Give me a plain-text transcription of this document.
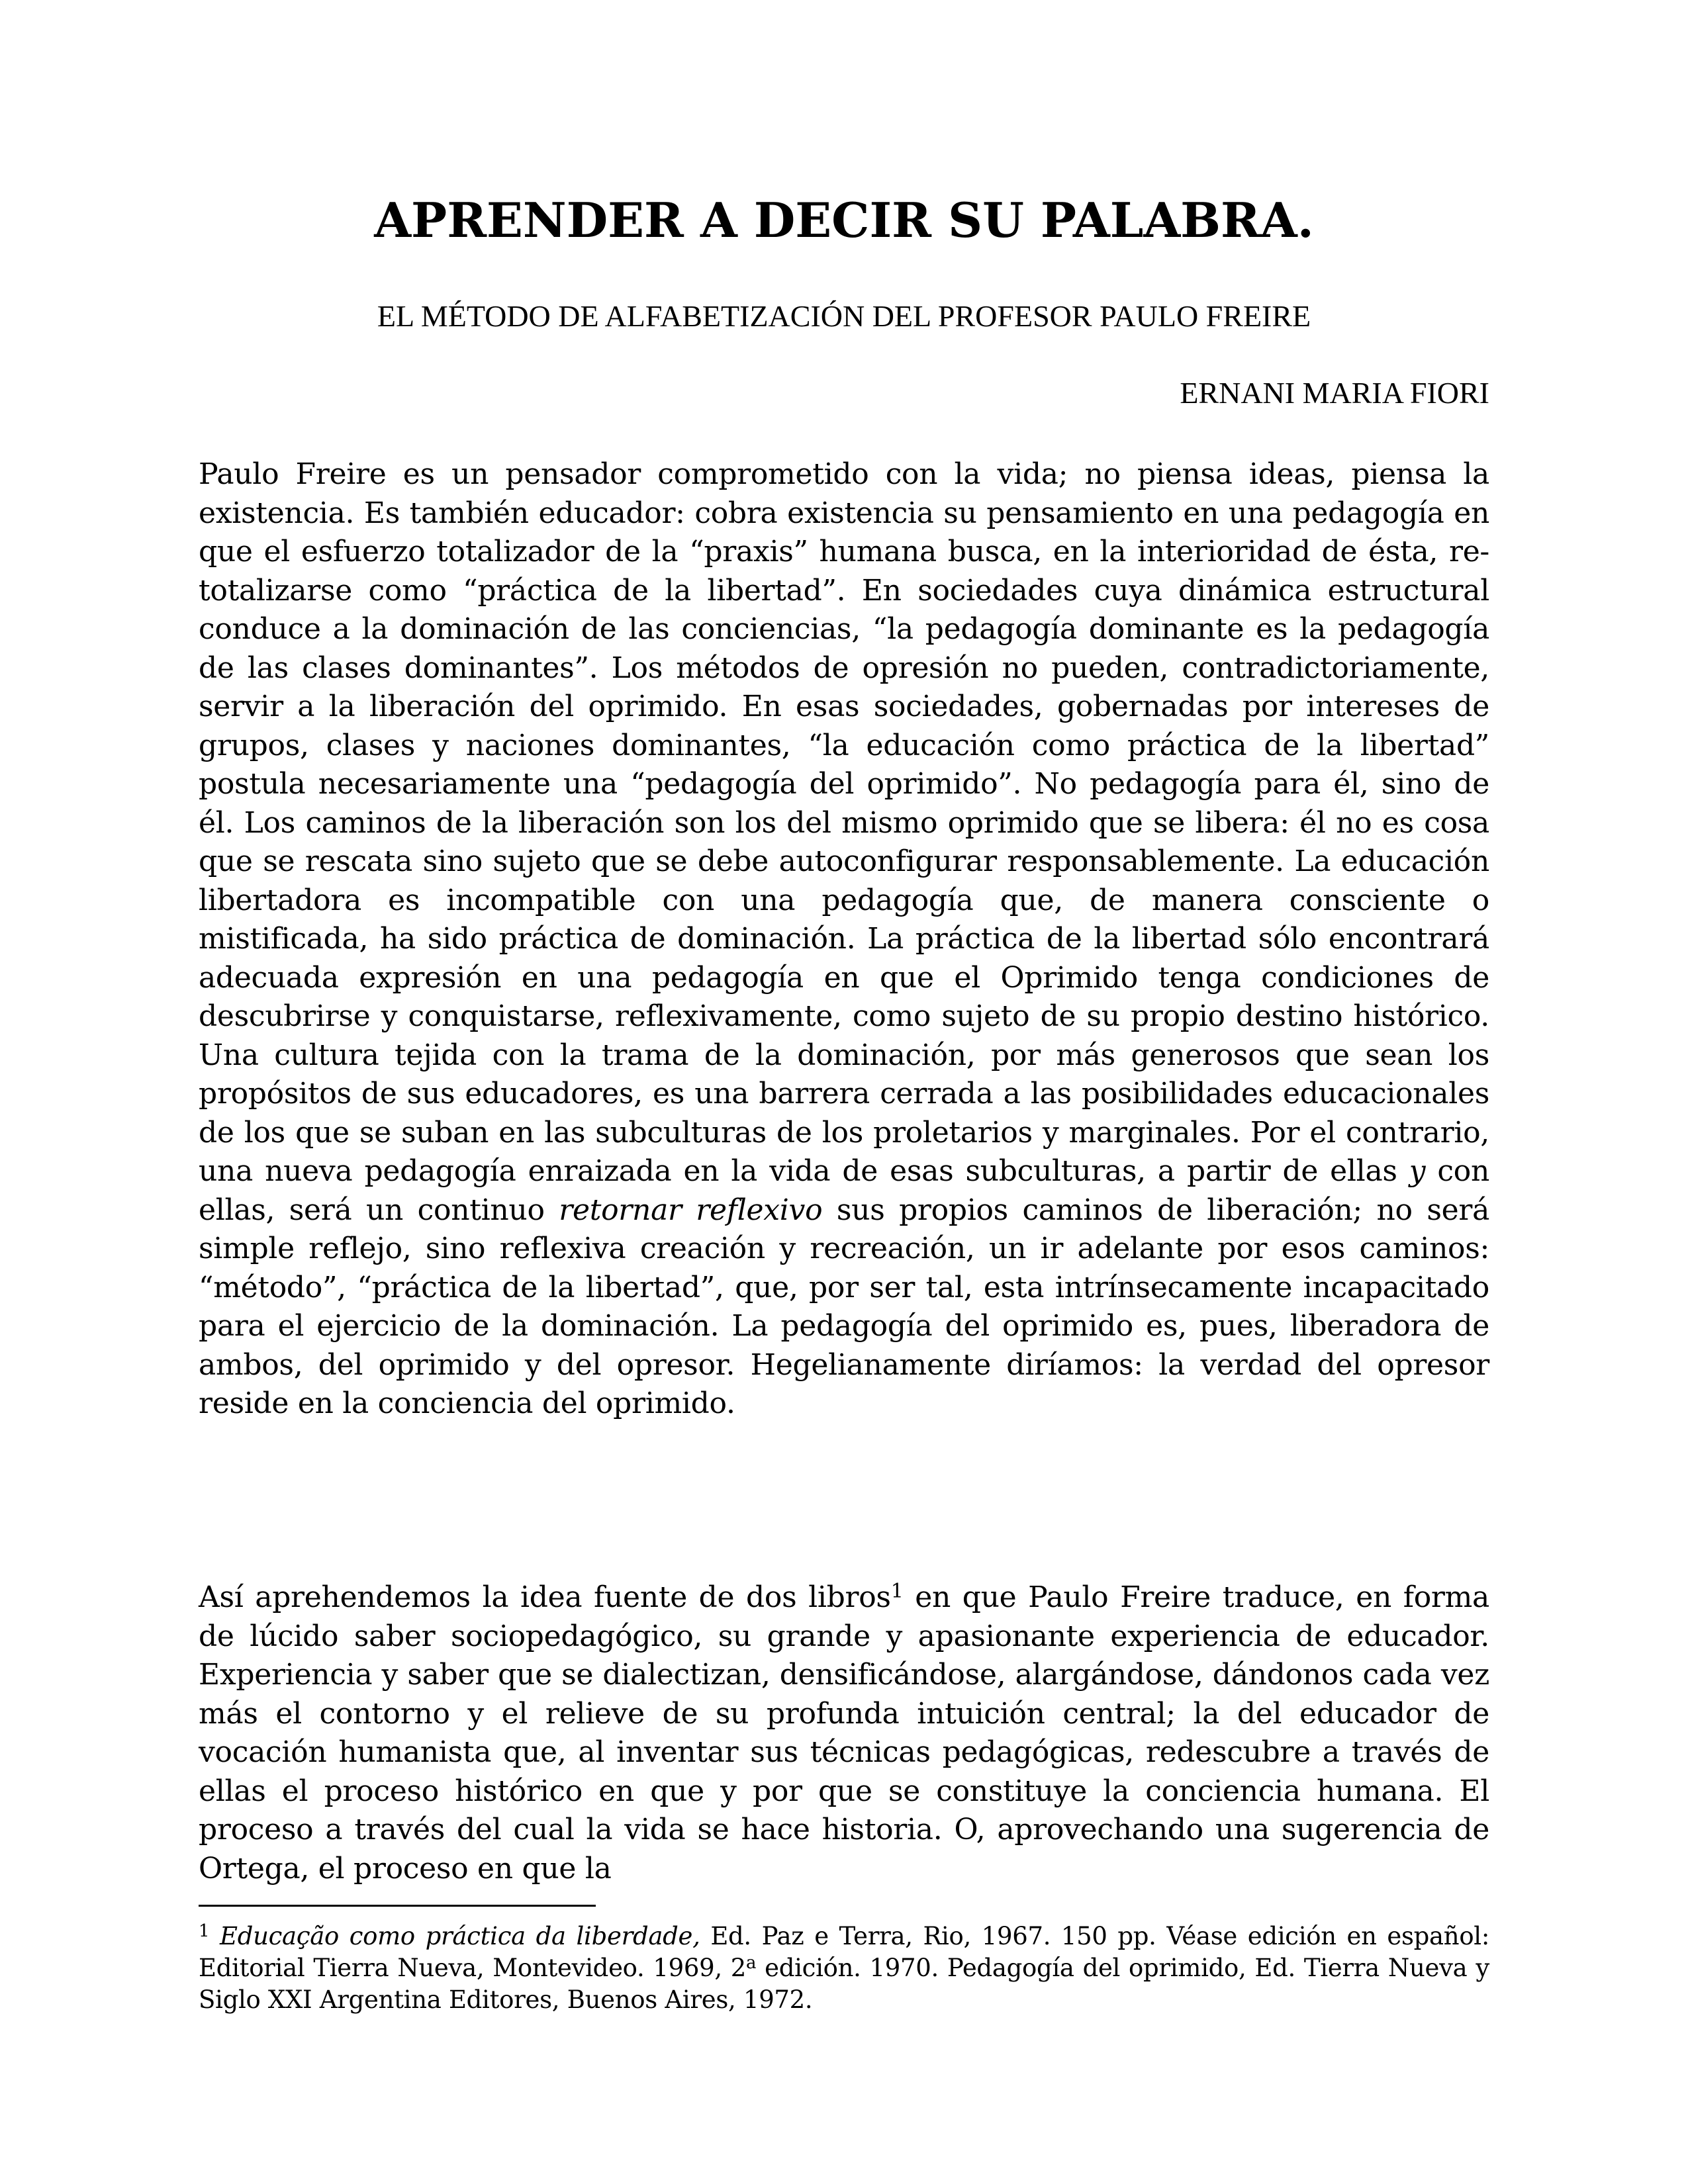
APRENDER A DECIR SU PALABRA.

EL MÉTODO DE ALFABETIZACIÓN DEL PROFESOR PAULO FREIRE

ERNANI MARIA FIORI

Paulo Freire es un pensador comprometido con la vida; no piensa ideas, piensa la existencia. Es también educador: cobra existencia su pensamiento en una pedagogía en que el esfuerzo totalizador de la “praxis” humana busca, en la interioridad de ésta, re-totalizarse como “práctica de la libertad”. En sociedades cuya dinámica estructural conduce a la dominación de las conciencias, “la pedagogía dominante es la pedagogía de las clases dominantes”. Los métodos de opresión no pueden, contradictoriamente, servir a la liberación del oprimido. En esas sociedades, gobernadas por intereses de grupos, clases y naciones dominantes, “la educación como práctica de la libertad” postula necesariamente una “pedagogía del oprimido”. No pedagogía para él, sino de él. Los caminos de la liberación son los del mismo oprimido que se libera: él no es cosa que se rescata sino sujeto que se debe autoconfigurar responsablemente. La educación libertadora es incompatible con una pedagogía que, de manera consciente o mistificada, ha sido práctica de dominación. La práctica de la libertad sólo encontrará adecuada expresión en una pedagogía en que el Oprimido tenga condiciones de descubrirse y conquistarse, reflexivamente, como sujeto de su propio destino histórico. Una cultura tejida con la trama de la dominación, por más generosos que sean los propósitos de sus educadores, es una barrera cerrada a las posibilidades educacionales de los que se suban en las subculturas de los proletarios y marginales. Por el contrario, una nueva pedagogía enraizada en la vida de esas subculturas, a partir de ellas y con ellas, será un continuo retornar reflexivo sus propios caminos de liberación; no será simple reflejo, sino reflexiva creación y recreación, un ir adelante por esos caminos: “método”, “práctica de la libertad”, que, por ser tal, esta intrínsecamente incapacitado para el ejercicio de la dominación. La pedagogía del oprimido es, pues, liberadora de ambos, del oprimido y del opresor. Hegelianamente diríamos: la verdad del opresor reside en la conciencia del oprimido.

Así aprehendemos la idea fuente de dos libros$^1$ en que Paulo Freire traduce, en forma de lúcido saber sociopedagógico, su grande y apasionante experiencia de educador. Experiencia y saber que se dialectizan, densificándose, alargándose, dándonos cada vez más el contorno y el relieve de su profunda intuición central; la del educador de vocación humanista que, al inventar sus técnicas pedagógicas, redescubre a través de ellas el proceso histórico en que y por que se constituye la conciencia humana. El proceso a través del cual la vida se hace historia. O, aprovechando una sugerencia de Ortega, el proceso en que la

$^1$ Educação como práctica da liberdade, Ed. Paz e Terra, Rio, 1967. 150 pp. Véase edición en español: Editorial Tierra Nueva, Montevideo. 1969, 2$^a$ edición. 1970. Pedagogía del oprimido, Ed. Tierra Nueva y Siglo XXI Argentina Editores, Buenos Aires, 1972.
